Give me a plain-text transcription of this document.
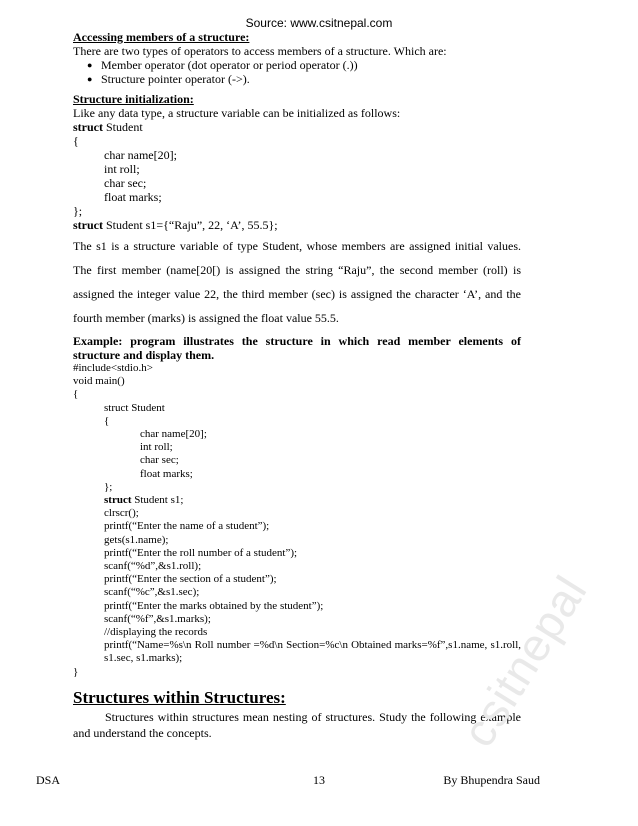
Source: www.csitnepal.com
Accessing members of a structure:
There are two types of operators to access members of a structure. Which are:
● Member operator (dot operator or period operator (.))
● Structure pointer operator (->).
Structure initialization:
Like any data type, a structure variable can be initialized as follows:
struct Student
{
char name[20];
int roll;
char sec;
float marks;
};
struct Student s1={“Raju”, 22, ‘A’, 55.5};
The s1 is a structure variable of type Student, whose members are assigned initial values. The first member (name[20[) is assigned the string “Raju”, the second member (roll) is assigned the integer value 22, the third member (sec) is assigned the character ‘A’, and the fourth member (marks) is assigned the float value 55.5.
Example: program illustrates the structure in which read member elements of structure and display them.
#include<stdio.h>
void main()
{
struct Student
{
char name[20];
int roll;
char sec;
float marks;
};
struct Student s1;
clrscr();
printf(“Enter the name of a student”);
gets(s1.name);
printf(“Enter the roll number of a student”);
scanf(“%d”,&s1.roll);
printf(“Enter the section of a student”);
scanf(“%c”,&s1.sec);
printf(“Enter the marks obtained by the student”);
scanf(“%f”,&s1.marks);
//displaying the records
printf(“Name=%s\n Roll number =%d\n Section=%c\n Obtained marks=%f”,s1.name, s1.roll, s1.sec, s1.marks);
}
Structures within Structures:
Structures within structures mean nesting of structures. Study the following example and understand the concepts.
DSA	13	By Bhupendra Saud
csitnepal
